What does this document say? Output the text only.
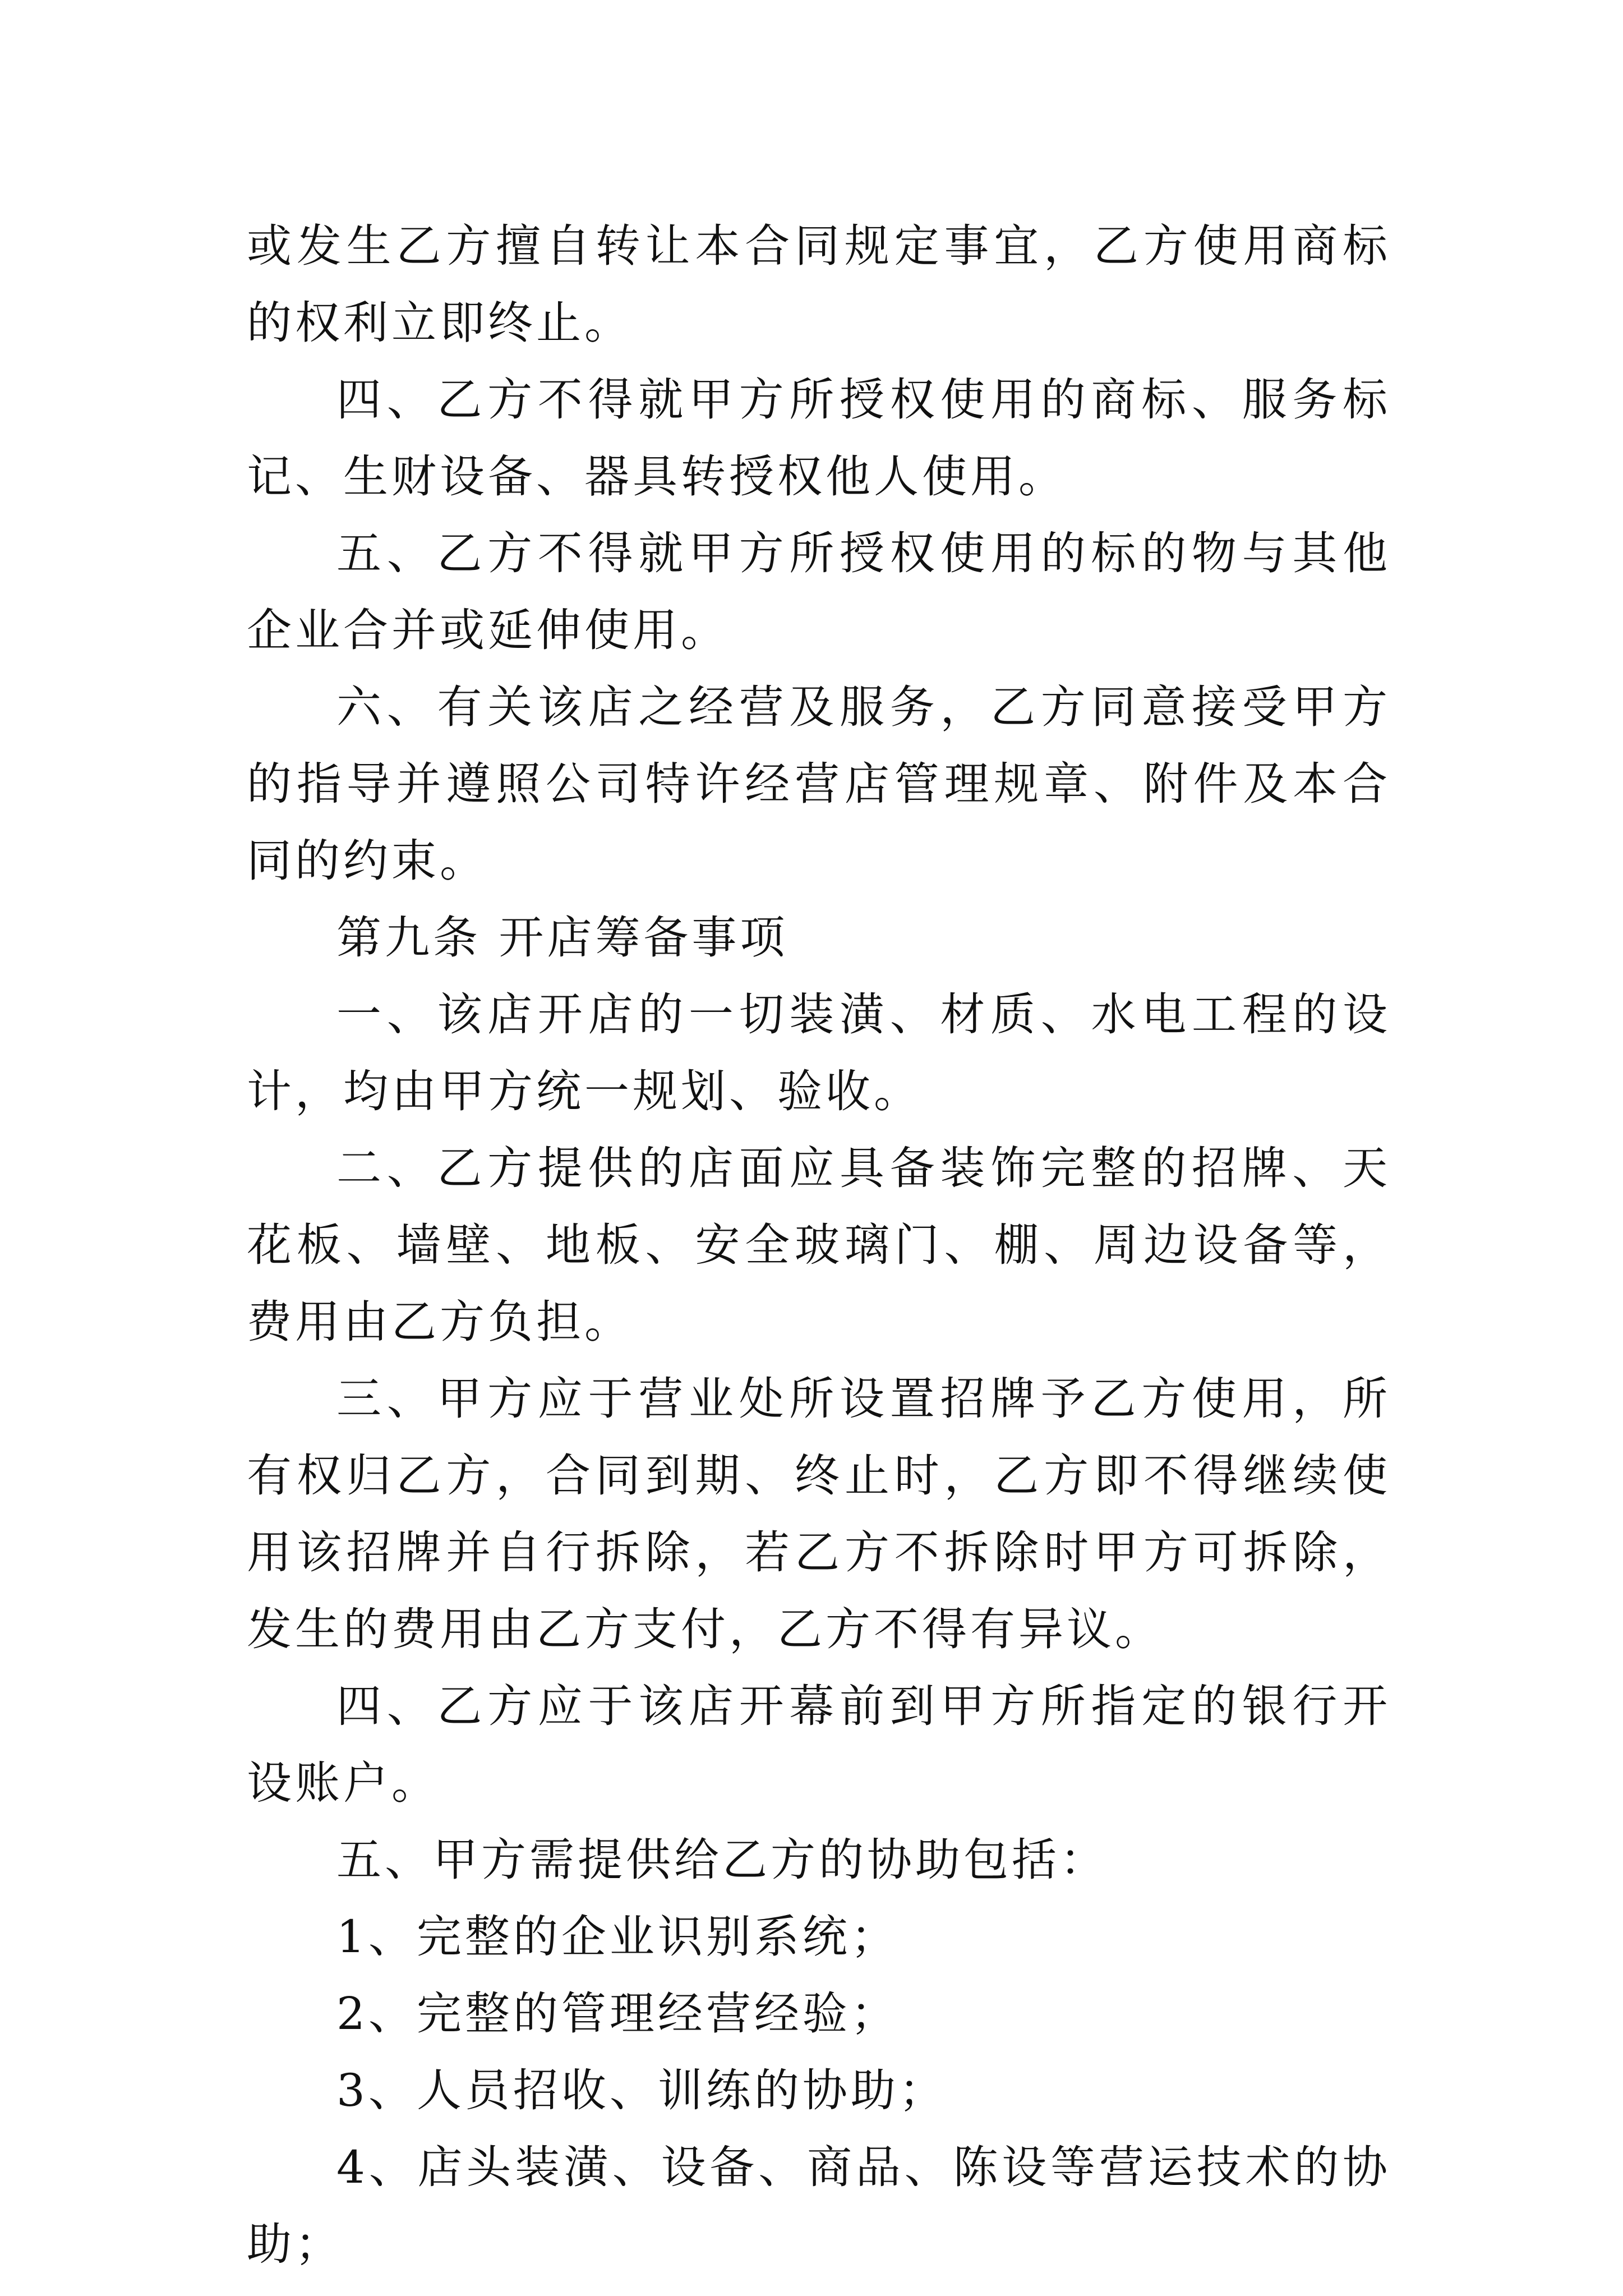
或发生乙方擅自转让本合同规定事宜，乙方使用商标的权利立即终止。

四、乙方不得就甲方所授权使用的商标、服务标记、生财设备、器具转授权他人使用。

五、乙方不得就甲方所授权使用的标的物与其他企业合并或延伸使用。

六、有关该店之经营及服务，乙方同意接受甲方的指导并遵照公司特许经营店管理规章、附件及本合同的约束。

第九条 开店筹备事项

一、该店开店的一切装潢、材质、水电工程的设计，均由甲方统一规划、验收。

二、乙方提供的店面应具备装饰完整的招牌、天花板、墙壁、地板、安全玻璃门、棚、周边设备等，费用由乙方负担。

三、甲方应于营业处所设置招牌予乙方使用，所有权归乙方，合同到期、终止时，乙方即不得继续使用该招牌并自行拆除，若乙方不拆除时甲方可拆除，发生的费用由乙方支付，乙方不得有异议。

四、乙方应于该店开幕前到甲方所指定的银行开设账户。

五、甲方需提供给乙方的协助包括：

1、完整的企业识别系统；

2、完整的管理经营经验；

3、人员招收、训练的协助；

4、店头装潢、设备、商品、陈设等营运技术的协助；
